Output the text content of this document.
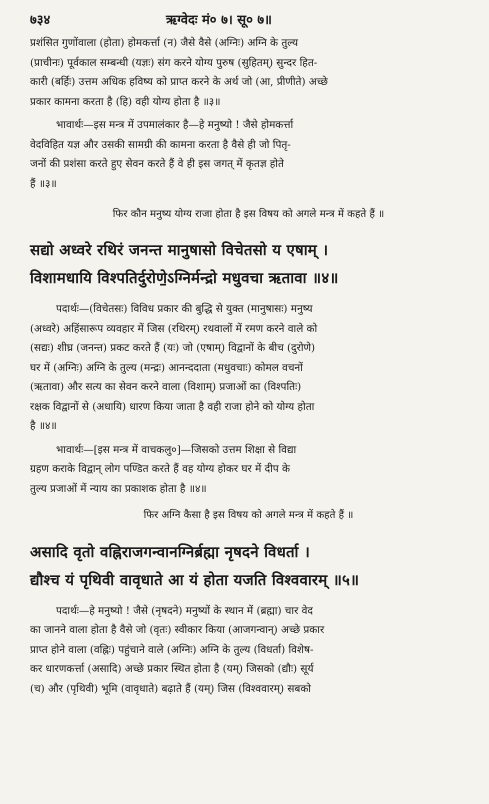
७३४	ऋग्वेदः मं० ७। सू० ७॥

प्रशंसित गुणोंवाला (होता) होमकर्त्ता (न) जैसे वैसे (अग्निः) अग्नि के तुल्य

(प्राचीनः) पूर्वकाल सम्बन्धी (यज्ञः) संग करने योग्य पुरुष (सुहितम्) सुन्दर हित-

कारी (बर्हिः) उत्तम अधिक हविष्य को प्राप्त करने के अर्थ जो (आ, प्रीणीते) अच्छे

प्रकार कामना करता है (हि) वही योग्य होता है ॥३॥

भावार्थः—इस मन्त्र में उपमालंकार है—हे मनुष्यो ! जैसे होमकर्त्ता

वेदविहित यज्ञ और उसकी सामग्री की कामना करता है वैसे ही जो पितृ-

जनों की प्रशंसा करते हुए सेवन करते हैं वे ही इस जगत् में कृतज्ञ होते

हैं ॥३॥

फिर कौन मनुष्य योग्य राजा होता है इस विषय को अगले मन्त्र में कहते हैं ॥

सद्यो अध्वरे रथिरं जनन्त मानुषासो विचेतसो य एषाम् ।
विशामधायि विश्पतिर्दुरोणे॒ऽग्निर्मन्द्रो मधुवचा ऋतावा ॥४॥

पदार्थः—(विचेतसः) विविध प्रकार की बुद्धि से युक्त (मानुषासः) मनुष्य

(अध्वरे) अहिंसारूप व्यवहार में जिस (रथिरम्) रथवालों में रमण करने वाले को

(सद्यः) शीघ्र (जनन्त) प्रकट करते हैं (यः) जो (एषाम्) विद्वानों के बीच (दुरोणे)

घर में (अग्निः) अग्नि के तुल्य (मन्द्रः) आनन्ददाता (मधुवचाः) कोमल वचनों

(ऋतावा) और सत्य का सेवन करने वाला (विशाम्) प्रजाओं का (विश्पतिः)

रक्षक विद्वानों से (अधायि) धारण किया जाता है वही राजा होने को योग्य होता

है ॥४॥

भावार्थः—[इस मन्त्र में वाचकलु०]—जिसको उत्तम शिक्षा से विद्या

ग्रहण कराके विद्वान् लोग पण्डित करते हैं वह योग्य होकर घर में दीप के

तुल्य प्रजाओं में न्याय का प्रकाशक होता है ॥४॥

फिर अग्नि कैसा है इस विषय को अगले मन्त्र में कहते हैं ॥

असादि वृतो वह्निराजगन्वानग्निर्ब्रह्मा नृषदने विधर्ता ।
द्यौश्च यं पृथिवी वावृधाते आ यं होता यजति विश्ववारम् ॥५॥

पदार्थः—हे मनुष्यो ! जैसे (नृषदने) मनुष्यों के स्थान में (ब्रह्मा) चार वेद

का जानने वाला होता है वैसे जो (वृतः) स्वीकार किया (आजगन्वान्) अच्छे प्रकार

प्राप्त होने वाला (वह्निः) पहुंचाने वाले (अग्निः) अग्नि के तुल्य (विधर्ता) विशेष-

कर धारणकर्त्ता (असादि) अच्छे प्रकार स्थित होता है (यम्) जिसको (द्यौः) सूर्य

(च) और (पृथिवी) भूमि (वावृधाते) बढ़ाते हैं (यम्) जिस (विश्ववारम्) सबको
